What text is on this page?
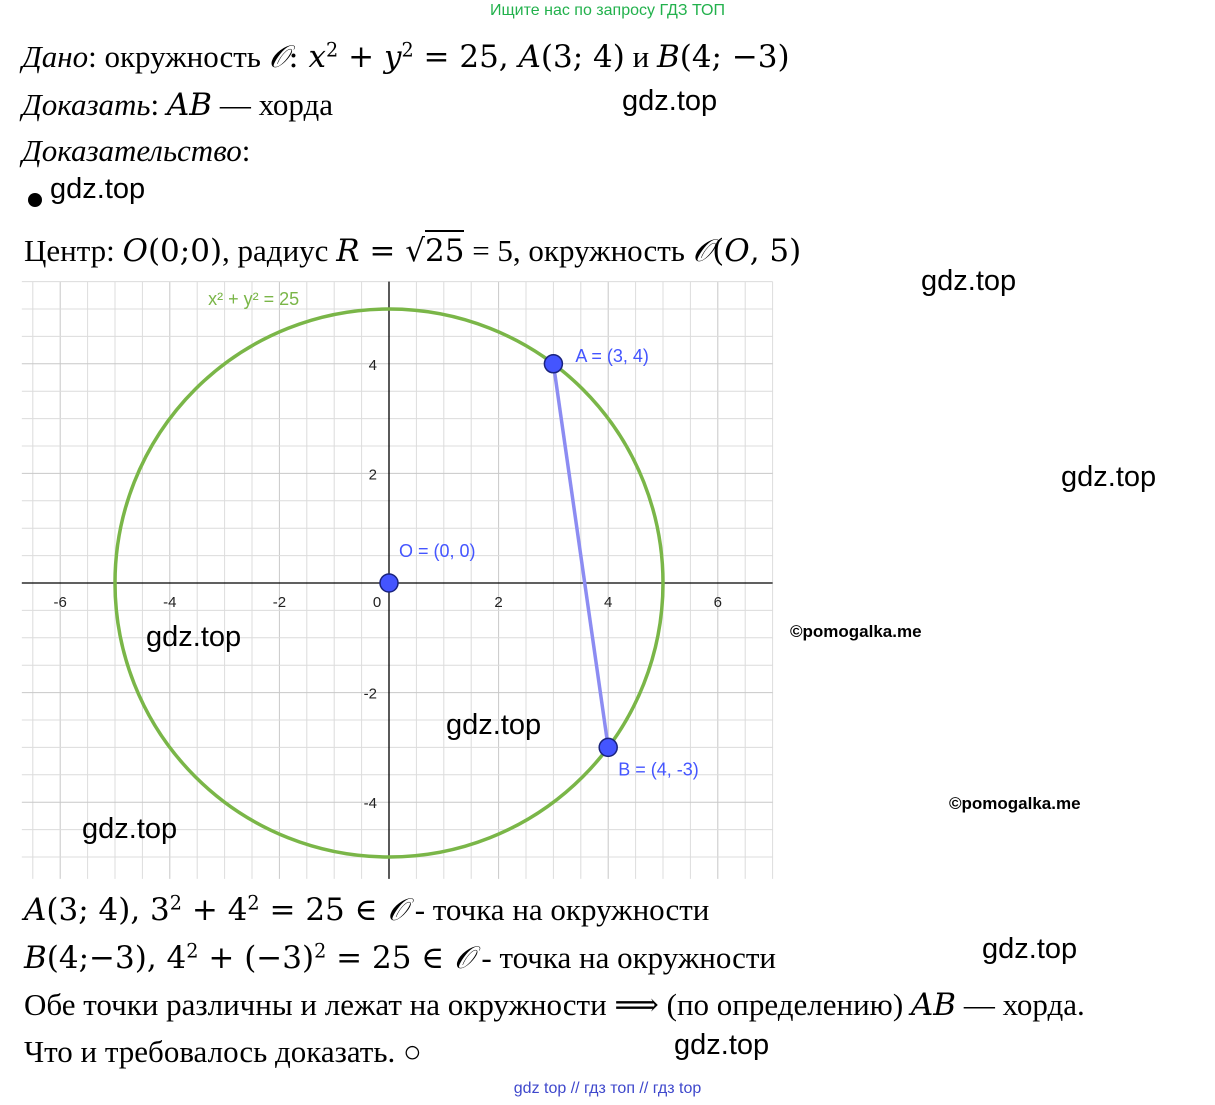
Ищите нас по запросу ГДЗ ТОП
Дано: окружность 𝒪: $x^2 + y^2 = 25$, A(3; 4) и B(4; −3)
Доказать: AB — хорда
Доказательство:
Центр: O(0;0), радиус R = √25 = 5, окружность 𝒪(O, 5)
-6	-4	-2	0	2	4	6
4
2
-2
-4
x² + y² = 25
A = (3, 4)
O = (0, 0)
B = (4, -3)
A(3; 4), $3^2 + 4^2 = 25$ ∈ 𝒪 - точка на окружности
B(4;−3), $4^2 + (-3)^2 = 25$ ∈ 𝒪 - точка на окружности
Обе точки различны и лежат на окружности ⟹ (по определению) AB — хорда.
Что и требовалось доказать. ○
gdz.top
gdz.top
gdz.top
gdz.top
gdz.top
gdz.top
gdz.top
gdz.top
gdz.top
©pomogalka.me
©pomogalka.me
gdz top // гдз топ // гдз top
